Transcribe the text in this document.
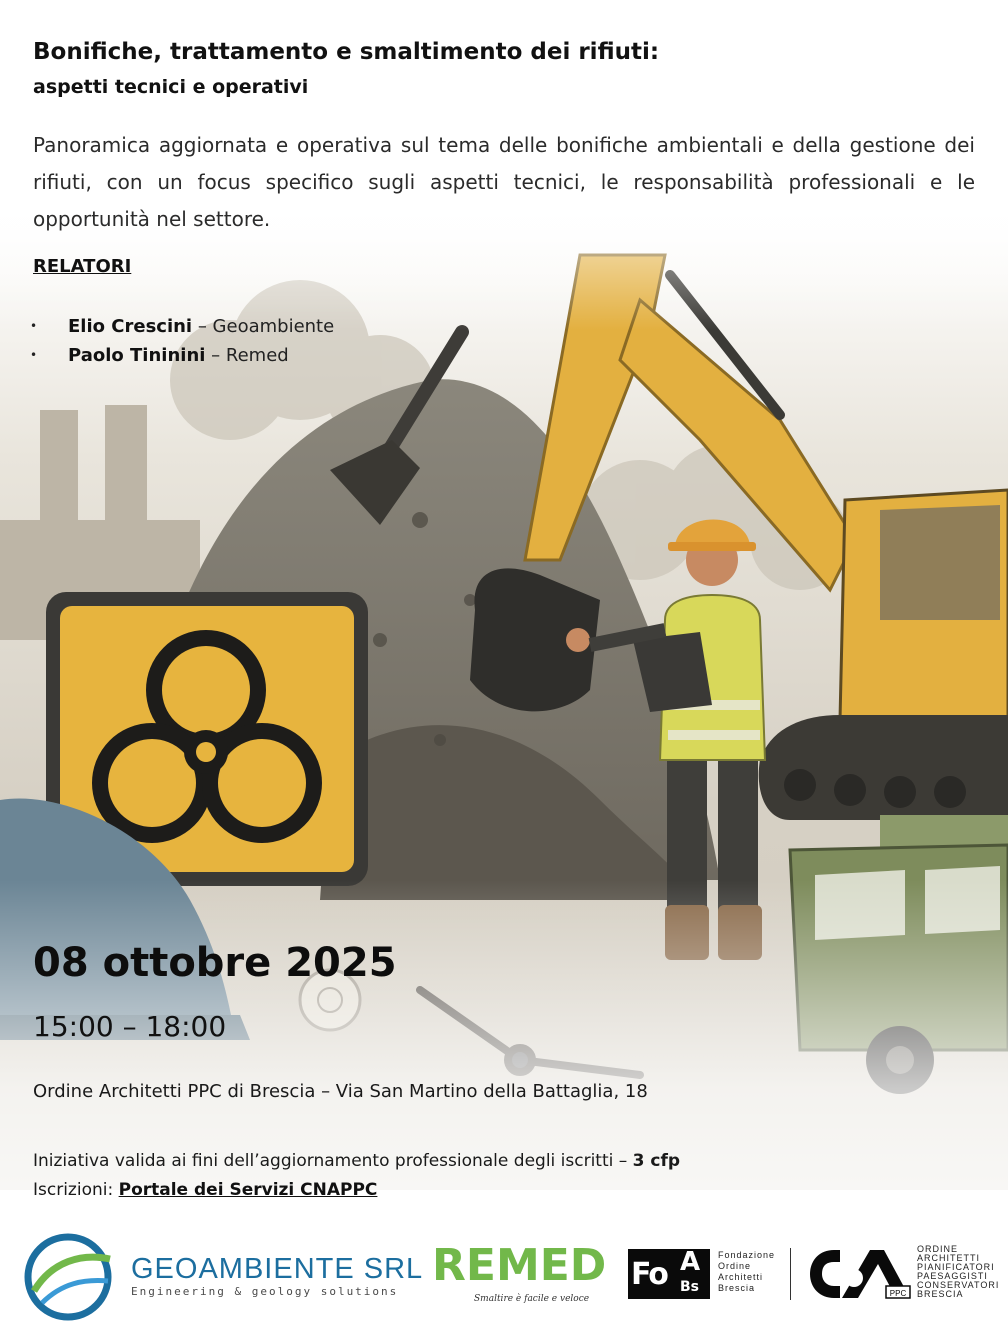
Bonifiche, trattamento e smaltimento dei rifiuti:
aspetti tecnici e operativi

Panoramica aggiornata e operativa sul tema delle bonifiche ambientali e della gestione dei rifiuti, con un focus specifico sugli aspetti tecnici, le responsabilità professionali e le opportunità nel settore.

RELATORI
• Elio Crescini – Geoambiente
• Paolo Tininini – Remed
08 ottobre 2025
15:00 – 18:00
Ordine Architetti PPC di Brescia – Via San Martino della Battaglia, 18
Iniziativa valida ai fini dell’aggiornamento professionale degli iscritti – 3 cfp
Iscrizioni: Portale dei Servizi CNAPPC
GEOAMBIENTE SRL
Engineering & geology solutions
REMED
Smaltire è facile e veloce
Fo A
Bs
Fondazione
Ordine
Architetti
Brescia
PPC
ORDINE
ARCHITETTI
PIANIFICATORI
PAESAGGISTI
CONSERVATORI
BRESCIA
